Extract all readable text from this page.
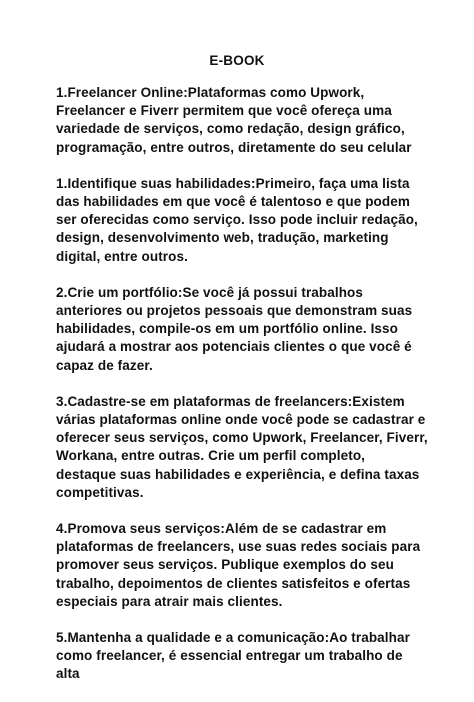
E-BOOK

1.Freelancer Online:Plataformas como Upwork, Freelancer e Fiverr permitem que você ofereça uma variedade de serviços, como redação, design gráfico, programação, entre outros, diretamente do seu celular

1.Identifique suas habilidades:Primeiro, faça uma lista das habilidades em que você é talentoso e que podem ser oferecidas como serviço. Isso pode incluir redação, design, desenvolvimento web, tradução, marketing digital, entre outros.

2.Crie um portfólio:Se você já possui trabalhos anteriores ou projetos pessoais que demonstram suas habilidades, compile-os em um portfólio online. Isso ajudará a mostrar aos potenciais clientes o que você é capaz de fazer.

3.Cadastre-se em plataformas de freelancers:Existem várias plataformas online onde você pode se cadastrar e oferecer seus serviços, como Upwork, Freelancer, Fiverr, Workana, entre outras. Crie um perfil completo, destaque suas habilidades e experiência, e defina taxas competitivas.

4.Promova seus serviços:Além de se cadastrar em plataformas de freelancers, use suas redes sociais para promover seus serviços. Publique exemplos do seu trabalho, depoimentos de clientes satisfeitos e ofertas especiais para atrair mais clientes.

5.Mantenha a qualidade e a comunicação:Ao trabalhar como freelancer, é essencial entregar um trabalho de alta
